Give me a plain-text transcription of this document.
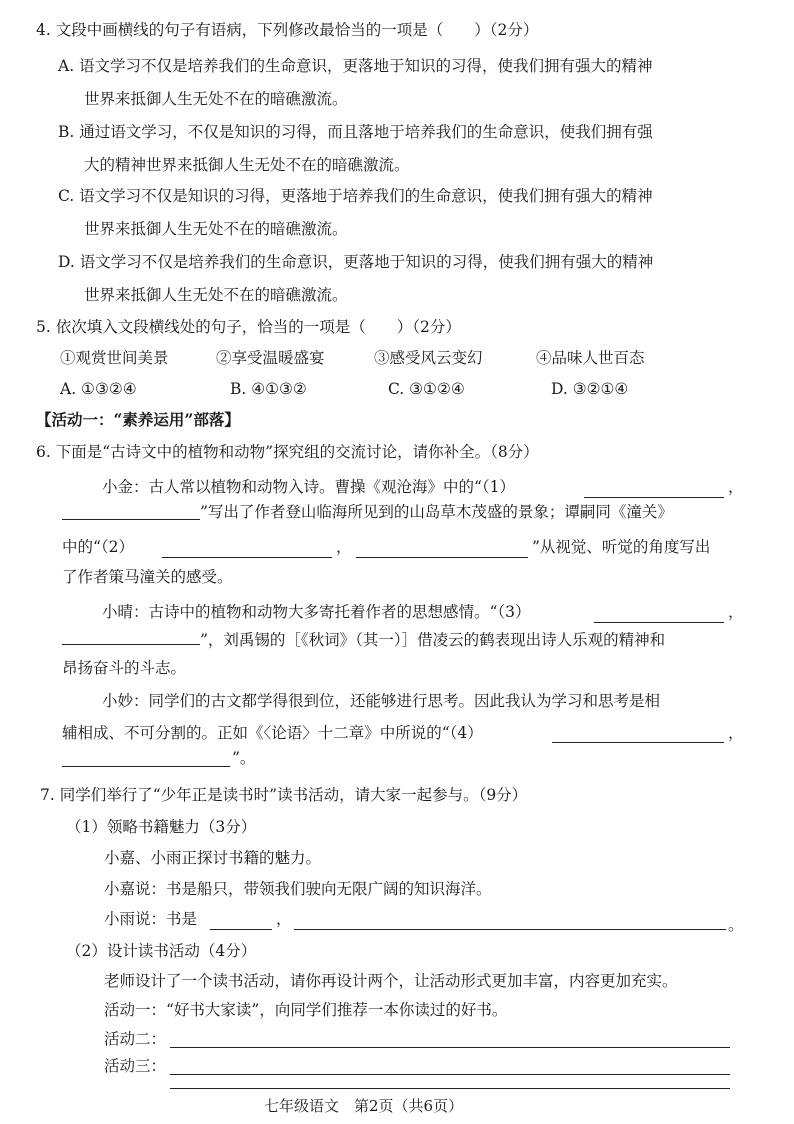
4. 文段中画横线的句子有语病，下列修改最恰当的一项是（　　）（2分）
A. 语文学习不仅是培养我们的生命意识，更落地于知识的习得，使我们拥有强大的精神
世界来抵御人生无处不在的暗礁激流。
B. 通过语文学习，不仅是知识的习得，而且落地于培养我们的生命意识，使我们拥有强
大的精神世界来抵御人生无处不在的暗礁激流。
C. 语文学习不仅是知识的习得，更落地于培养我们的生命意识，使我们拥有强大的精神
世界来抵御人生无处不在的暗礁激流。
D. 语文学习不仅是培养我们的生命意识，更落地于知识的习得，使我们拥有强大的精神
世界来抵御人生无处不在的暗礁激流。
5. 依次填入文段横线处的句子，恰当的一项是（　　）（2分）
①观赏世间美景	②享受温暖盛宴	③感受风云变幻	④品味人世百态
A. ①③②④	B. ④①③②	C. ③①②④	D. ③②①④
【活动一：“素养运用”部落】
6. 下面是“古诗文中的植物和动物”探究组的交流讨论，请你补全。（8分）
小金：古人常以植物和动物入诗。曹操《观沧海》中的“（1）	，
”写出了作者登山临海所见到的山岛草木茂盛的景象；谭嗣同《潼关》
中的“（2）	，	”从视觉、听觉的角度写出
了作者策马潼关的感受。
小晴：古诗中的植物和动物大多寄托着作者的思想感情。“（3）	，
”，刘禹锡的［《秋词》（其一）］借凌云的鹤表现出诗人乐观的精神和
昂扬奋斗的斗志。
小妙：同学们的古文都学得很到位，还能够进行思考。因此我认为学习和思考是相
辅相成、不可分割的。正如《〈论语〉十二章》中所说的“（4）	，
”。
7. 同学们举行了“少年正是读书时”读书活动，请大家一起参与。（9分）
（1）领略书籍魅力（3分）
小嘉、小雨正探讨书籍的魅力。
小嘉说：书是船只，带领我们驶向无限广阔的知识海洋。
小雨说：书是	，	。
（2）设计读书活动（4分）
老师设计了一个读书活动，请你再设计两个，让活动形式更加丰富，内容更加充实。
活动一：“好书大家读”，向同学们推荐一本你读过的好书。
活动二：
活动三：
七年级语文　第2页（共6页）
